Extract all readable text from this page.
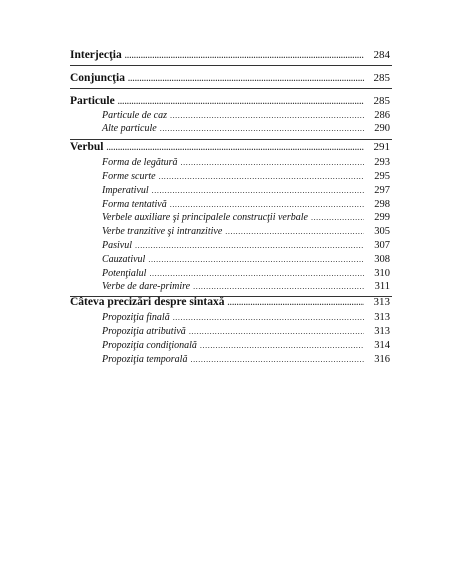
Interjecţia .....	284
Conjuncţia .....	285
Particule .....	285
Particule de caz .....	286
Alte particule .....	290
Verbul .....	291
Forma de legătură .....	293
Forme scurte .....	295
Imperativul .....	297
Forma tentativă .....	298
Verbele auxiliare şi principalele construcţii verbale .....	299
Verbe tranzitive şi intranzitive .....	305
Pasivul .....	307
Cauzativul .....	308
Potenţialul .....	310
Verbe de dare-primire .....	311
Câteva precizări despre sintaxă .....	313
Propoziţia finală .....	313
Propoziţia atributivă .....	313
Propoziţia condiţională .....	314
Propoziţia temporală .....	316
